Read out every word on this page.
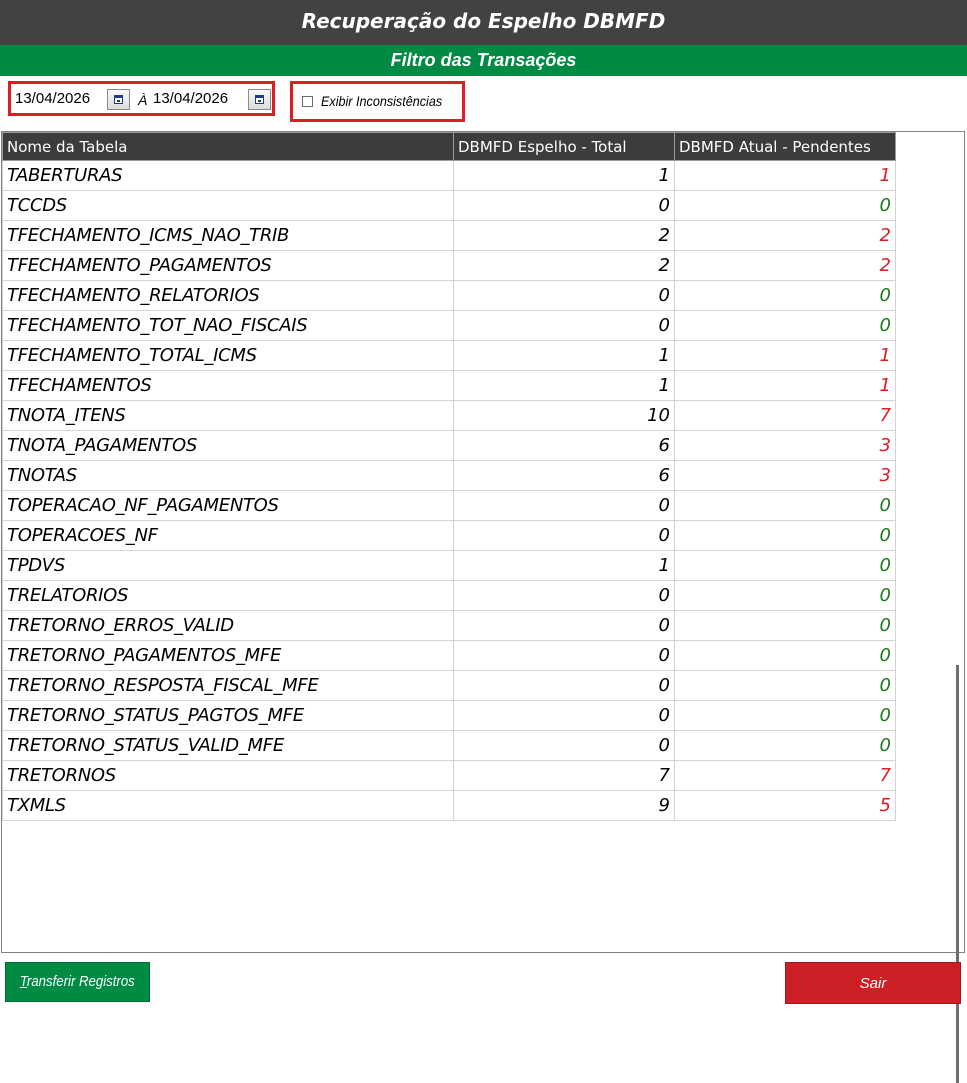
Recuperação do Espelho DBMFD
Filtro das Transações
13/04/2026	À 13/04/2026	Exibir Inconsistências
Nome da Tabela	DBMFD Espelho - Total	DBMFD Atual - Pendentes
TABERTURAS	1	1
TCCDS	0	0
TFECHAMENTO_ICMS_NAO_TRIB	2	2
TFECHAMENTO_PAGAMENTOS	2	2
TFECHAMENTO_RELATORIOS	0	0
TFECHAMENTO_TOT_NAO_FISCAIS	0	0
TFECHAMENTO_TOTAL_ICMS	1	1
TFECHAMENTOS	1	1
TNOTA_ITENS	10	7
TNOTA_PAGAMENTOS	6	3
TNOTAS	6	3
TOPERACAO_NF_PAGAMENTOS	0	0
TOPERACOES_NF	0	0
TPDVS	1	0
TRELATORIOS	0	0
TRETORNO_ERROS_VALID	0	0
TRETORNO_PAGAMENTOS_MFE	0	0
TRETORNO_RESPOSTA_FISCAL_MFE	0	0
TRETORNO_STATUS_PAGTOS_MFE	0	0
TRETORNO_STATUS_VALID_MFE	0	0
TRETORNOS	7	7
TXMLS	9	5
Transferir Registros	Sair
